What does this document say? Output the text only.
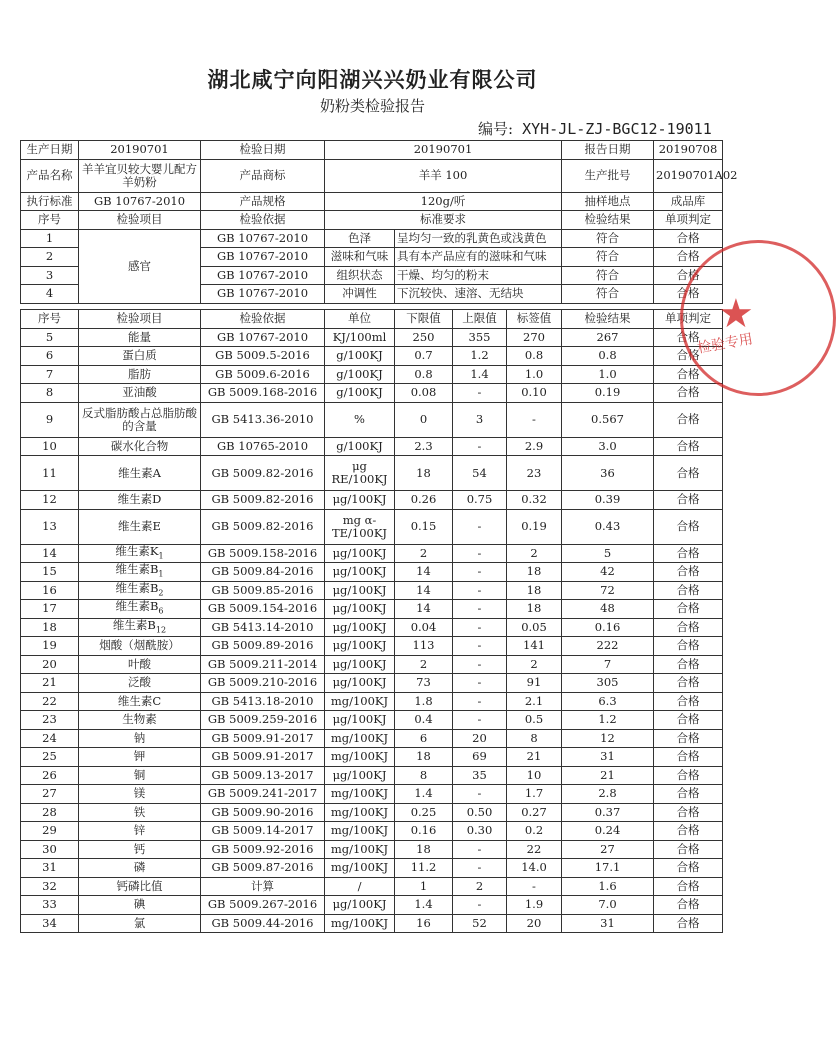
湖北咸宁向阳湖兴兴奶业有限公司
奶粉类检验报告
编号: XYH-JL-ZJ-BGC12-19011
生产日期	20190701	检验日期	20190701		报告日期	20190708
产品名称	羊羊宜贝较大婴儿配方羊奶粉	产品商标	羊羊 100		生产批号	20190701A02
执行标准	GB 10767-2010	产品规格	120g/听		抽样地点	成品库
序号	检验项目	检验依据	标准要求		检验结果	单项判定
1	感官	GB 10767-2010	色泽	呈均匀一致的乳黄色或浅黄色	符合	合格
2		GB 10767-2010	滋味和气味	具有本产品应有的滋味和气味	符合	合格
3		GB 10767-2010	组织状态	干燥、均匀的粉末	符合	合格
4		GB 10767-2010	冲调性	下沉较快、速溶、无结块	符合	合格
序号	检验项目	检验依据	单位	下限值	上限值	标签值	检验结果	单项判定
5	能量	GB 10767-2010	KJ/100ml	250	355	270	267	合格
6	蛋白质	GB 5009.5-2016	g/100KJ	0.7	1.2	0.8	0.8	合格
7	脂肪	GB 5009.6-2016	g/100KJ	0.8	1.4	1.0	1.0	合格
8	亚油酸	GB 5009.168-2016	g/100KJ	0.08	-	0.10	0.19	合格
9	反式脂肪酸占总脂肪酸的含量	GB 5413.36-2010	%	0	3	-	0.567	合格
10	碳水化合物	GB 10765-2010	g/100KJ	2.3	-	2.9	3.0	合格
11	维生素A	GB 5009.82-2016	μg RE/100KJ	18	54	23	36	合格
12	维生素D	GB 5009.82-2016	μg/100KJ	0.26	0.75	0.32	0.39	合格
13	维生素E	GB 5009.82-2016	mg α-TE/100KJ	0.15	-	0.19	0.43	合格
14	维生素$K_1$	GB 5009.158-2016	μg/100KJ	2	-	2	5	合格
15	维生素$B_1$	GB 5009.84-2016	μg/100KJ	14	-	18	42	合格
16	维生素$B_2$	GB 5009.85-2016	μg/100KJ	14	-	18	72	合格
17	维生素$B_6$	GB 5009.154-2016	μg/100KJ	14	-	18	48	合格
18	维生素$B_{12}$	GB 5413.14-2010	μg/100KJ	0.04	-	0.05	0.16	合格
19	烟酸（烟酰胺）	GB 5009.89-2016	μg/100KJ	113	-	141	222	合格
20	叶酸	GB 5009.211-2014	μg/100KJ	2	-	2	7	合格
21	泛酸	GB 5009.210-2016	μg/100KJ	73	-	91	305	合格
22	维生素C	GB 5413.18-2010	mg/100KJ	1.8	-	2.1	6.3	合格
23	生物素	GB 5009.259-2016	μg/100KJ	0.4	-	0.5	1.2	合格
24	钠	GB 5009.91-2017	mg/100KJ	6	20	8	12	合格
25	钾	GB 5009.91-2017	mg/100KJ	18	69	21	31	合格
26	铜	GB 5009.13-2017	μg/100KJ	8	35	10	21	合格
27	镁	GB 5009.241-2017	mg/100KJ	1.4	-	1.7	2.8	合格
28	铁	GB 5009.90-2016	mg/100KJ	0.25	0.50	0.27	0.37	合格
29	锌	GB 5009.14-2017	mg/100KJ	0.16	0.30	0.2	0.24	合格
30	钙	GB 5009.92-2016	mg/100KJ	18	-	22	27	合格
31	磷	GB 5009.87-2016	mg/100KJ	11.2	-	14.0	17.1	合格
32	钙磷比值	计算	/	1	2	-	1.6	合格
33	碘	GB 5009.267-2016	μg/100KJ	1.4	-	1.9	7.0	合格
34	氯	GB 5009.44-2016	mg/100KJ	16	52	20	31	合格
★
检验专用
